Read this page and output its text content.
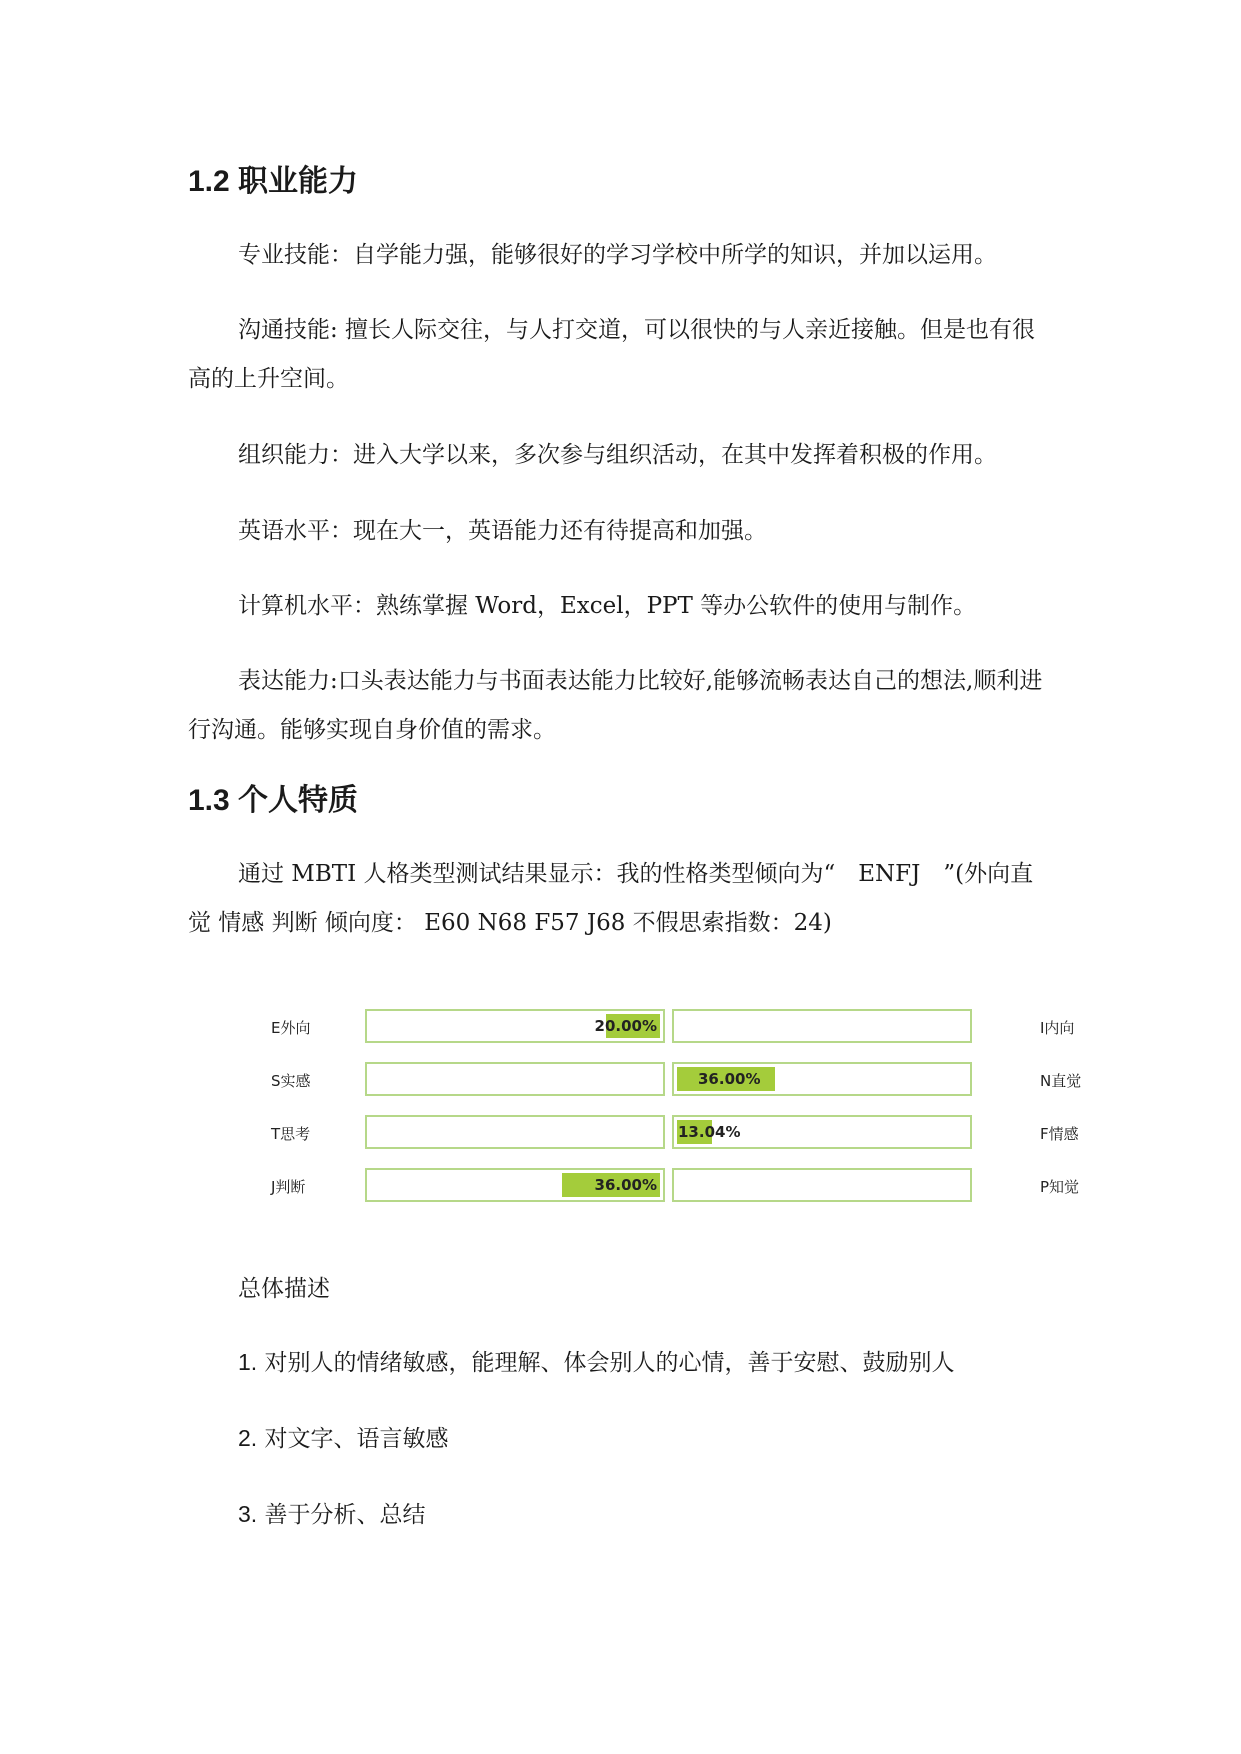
1.2 职业能力

专业技能：自学能力强，能够很好的学习学校中所学的知识，并加以运用。

沟通技能: 擅长人际交往，与人打交道，可以很快的与人亲近接触。但是也有很高的上升空间。

组织能力：进入大学以来，多次参与组织活动，在其中发挥着积极的作用。

英语水平：现在大一，英语能力还有待提高和加强。

计算机水平：熟练掌握 Word，Excel，PPT 等办公软件的使用与制作。

表达能力:口头表达能力与书面表达能力比较好,能够流畅表达自己的想法,顺利进行沟通。能够实现自身价值的需求。

1.3 个人特质

通过 MBTI 人格类型测试结果显示：我的性格类型倾向为“　ENFJ　”(外向直觉 情感 判断 倾向度： E60 N68 F57 J68 不假思索指数：24)

E外向	I内向
20.00%
S实感	N直觉
36.00%
T思考	F情感
13.04%
J判断	P知觉
36.00%

总体描述

1. 对别人的情绪敏感，能理解、体会别人的心情，善于安慰、鼓励别人

2. 对文字、语言敏感

3. 善于分析、总结
